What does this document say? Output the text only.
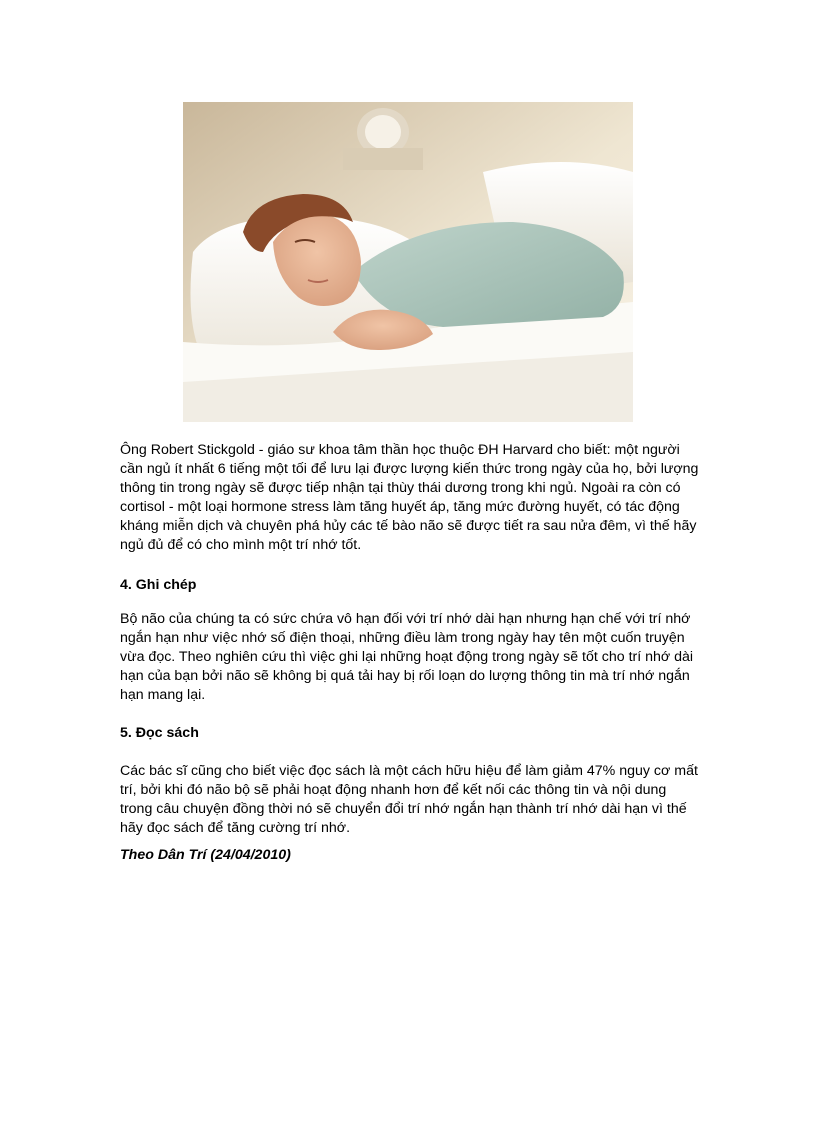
Ông Robert Stickgold - giáo sư khoa tâm thần học thuộc ĐH Harvard cho biết: một người cần ngủ ít nhất 6 tiếng một tối để lưu lại được lượng kiến thức trong ngày của họ, bởi lượng thông tin trong ngày sẽ được tiếp nhận tại thùy thái dương trong khi ngủ. Ngoài ra còn có cortisol - một loại hormone stress làm tăng huyết áp, tăng mức đường huyết, có tác động kháng miễn dịch và chuyên phá hủy các tế bào não sẽ được tiết ra sau nửa đêm, vì thế hãy ngủ đủ để có cho mình một trí nhớ tốt.

4. Ghi chép

Bộ não của chúng ta có sức chứa vô hạn đối với trí nhớ dài hạn nhưng hạn chế với trí nhớ ngắn hạn như việc nhớ số điện thoại, những điều làm trong ngày hay tên một cuốn truyện vừa đọc. Theo nghiên cứu thì việc ghi lại những hoạt động trong ngày sẽ tốt cho trí nhớ dài hạn của bạn bởi não sẽ không bị quá tải hay bị rối loạn do lượng thông tin mà trí nhớ ngắn hạn mang lại.

5. Đọc sách

Các bác sĩ cũng cho biết việc đọc sách là một cách hữu hiệu để làm giảm 47% nguy cơ mất trí, bởi khi đó não bộ sẽ phải hoạt động nhanh hơn để kết nối các thông tin và nội dung trong câu chuyện đồng thời nó sẽ chuyển đổi trí nhớ ngắn hạn thành trí nhớ dài hạn vì thế hãy đọc sách để tăng cường trí nhớ.

Theo Dân Trí (24/04/2010)
